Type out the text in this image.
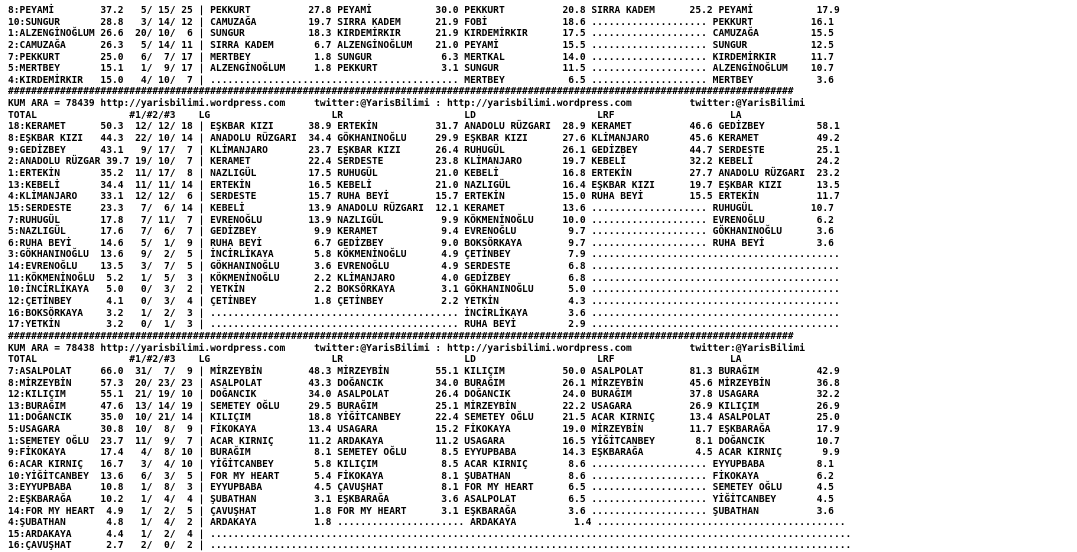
8:PEYAMİ        37.2   5/ 15/ 25 | PEKKURT          27.8 PEYAMİ           30.0 PEKKURT          20.8 SIRRA KADEM      25.2 PEYAMİ           17.9
10:SUNGUR       28.8   3/ 14/ 12 | CAMUZAĞA         19.7 SIRRA KADEM      21.9 FOBİ             18.6 .................... PEKKURT          16.1
1:ALZENGİNOĞLUM 26.6  20/ 10/  6 | SUNGUR           18.3 KIRDEMİRKIR      21.9 KIRDEMİRKIR      17.5 .................... CAMUZAĞA         15.5
2:CAMUZAĞA      26.3   5/ 14/ 11 | SIRRA KADEM       6.7 ALZENGİNOĞLUM    21.0 PEYAMİ           15.5 .................... SUNGUR           12.5
7:PEKKURT       25.0   6/  7/ 17 | MERTBEY           1.8 SUNGUR            6.3 MERTKAL          14.0 .................... KIRDEMİRKIR      11.7
5:MERTBEY       15.1   1/  9/ 17 | ALZENGİNOĞLUM     1.8 PEKKURT           3.1 SUNGUR           11.5 .................... ALZENGİNOĞLUM    10.7
4:KIRDEMİRKIR   15.0   4/ 10/  7 | ........................................... MERTBEY           6.5 .................... MERTBEY           3.6
########################################################################################################################################
KUM ARA = 78439 http://yarisbilimi.wordpress.com     twitter:@YarisBilimi : http://yarisbilimi.wordpress.com          twitter:@YarisBilimi
TOTAL                #1/#2/#3    LG                     LR                     LD                     LRF                    LA
18:KERAMET      50.3  12/ 12/ 18 | EŞKBAR KIZI      38.9 ERTEKİN          31.7 ANADOLU RÜZGARI  28.9 KERAMET          46.6 GEDİZBEY         58.1
8:EŞKBAR KIZI   44.3  22/ 10/ 14 | ANADOLU RÜZGARI  34.4 GÖKHANINOĞLU     29.9 EŞKBAR KIZI      27.6 KLİMANJARO       45.6 KERAMET          49.2
9:GEDİZBEY      43.1   9/ 17/  7 | KLİMANJARO       23.7 EŞKBAR KIZI      26.4 RUHUGÜL          26.1 GEDİZBEY         44.7 SERDESTE         25.1
2:ANADOLU RÜZGAR 39.7 19/ 10/  7 | KERAMET          22.4 SERDESTE         23.8 KLİMANJARO       19.7 KEBELİ           32.2 KEBELİ           24.2
1:ERTEKİN       35.2  11/ 17/  8 | NAZLIGÜL         17.5 RUHUGÜL          21.0 KEBELİ           16.8 ERTEKİN          27.7 ANADOLU RÜZGARI  23.2
13:KEBELİ       34.4  11/ 11/ 14 | ERTEKİN          16.5 KEBELİ           21.0 NAZLIGÜL         16.4 EŞKBAR KIZI      19.7 EŞKBAR KIZI      13.5
4:KLİMANJARO    33.1  12/ 12/  6 | SERDESTE         15.7 RUHA BEYİ        15.7 ERTEKİN          15.0 RUHA BEYİ        15.5 ERTEKİN          11.7
15:SERDESTE     23.3   7/  6/ 14 | KEBELİ           13.9 ANADOLU RÜZGARI  12.1 KERAMET          13.6 .................... RUHUGÜL          10.7
7:RUHUGÜL       17.8   7/ 11/  7 | EVRENOĞLU        13.9 NAZLIGÜL          9.9 KÖKMENİNOĞLU     10.0 .................... EVRENOĞLU         6.2
5:NAZLIGÜL      17.6   7/  6/  7 | GEDİZBEY          9.9 KERAMET           9.4 EVRENOĞLU         9.7 .................... GÖKHANINOĞLU      3.6
6:RUHA BEYİ     14.6   5/  1/  9 | RUHA BEYİ         6.7 GEDİZBEY          9.0 BOKSÖRKAYA        9.7 .................... RUHA BEYİ         3.6
3:GÖKHANINOĞLU  13.6   9/  2/  5 | İNCİRLİKAYA       5.8 KÖKMENİNOĞLU      4.9 ÇETİNBEY          7.9 ...........................................
14:EVRENOĞLU    13.5   3/  7/  5 | GÖKHANINOĞLU      3.6 EVRENOĞLU         4.9 SERDESTE          6.8 ...........................................
11:KÖKMENİNOĞLU  5.2   1/  5/  3 | KÖKMENİNOĞLU      2.2 KLİMANJARO        4.0 GEDİZBEY          6.8 ...........................................
10:İNCİRLİKAYA   5.0   0/  3/  2 | YETKİN            2.2 BOKSÖRKAYA        3.1 GÖKHANINOĞLU      5.0 ...........................................
12:ÇETİNBEY      4.1   0/  3/  4 | ÇETİNBEY          1.8 ÇETİNBEY          2.2 YETKİN            4.3 ...........................................
16:BOKSÖRKAYA    3.2   1/  2/  3 | ........................................... İNCİRLİKAYA       3.6 ...........................................
17:YETKİN        3.2   0/  1/  3 | ........................................... RUHA BEYİ         2.9 ...........................................
########################################################################################################################################
KUM ARA = 78438 http://yarisbilimi.wordpress.com     twitter:@YarisBilimi : http://yarisbilimi.wordpress.com          twitter:@YarisBilimi
TOTAL                #1/#2/#3    LG                     LR                     LD                     LRF                    LA
7:ASALPOLAT     66.0  31/  7/  9 | MİRZEYBİN        48.3 MİRZEYBİN        55.1 KILIÇIM          50.0 ASALPOLAT        81.3 BURAĞIM          42.9
8:MİRZEYBİN     57.3  20/ 23/ 23 | ASALPOLAT        43.3 DOĞANCIK         34.0 BURAĞIM          26.1 MİRZEYBİN        45.6 MİRZEYBİN        36.8
12:KILIÇIM      55.1  21/ 19/ 10 | DOĞANCIK         34.0 ASALPOLAT        26.4 DOĞANCIK         24.0 BURAĞIM          37.8 USAGARA          32.2
13:BURAĞIM      47.6  13/ 14/ 19 | SEMETEY OĞLU     29.5 BURAĞIM          25.1 MİRZEYBİN        22.2 USAGARA          26.9 KILIÇIM          26.9
11:DOĞANCIK     35.0  10/ 21/ 14 | KILIÇIM          18.8 YİĞİTCANBEY      22.4 SEMETEY OĞLU     21.5 ACAR KIRNIÇ      13.4 ASALPOLAT        25.0
5:USAGARA       30.8  10/  8/  9 | FİKOKAYA         13.4 USAGARA          15.2 FİKOKAYA         19.0 MİRZEYBİN        11.7 EŞKBARAĞA        17.9
1:SEMETEY OĞLU  23.7  11/  9/  7 | ACAR KIRNIÇ      11.2 ARDAKAYA         11.2 USAGARA          16.5 YİĞİTCANBEY       8.1 DOĞANCIK         10.7
9:FİKOKAYA      17.4   4/  8/ 10 | BURAĞIM           8.1 SEMETEY OĞLU      8.5 EYYUPBABA        14.3 EŞKBARAĞA         4.5 ACAR KIRNIÇ       9.9
6:ACAR KIRNIÇ   16.7   3/  4/ 10 | YİĞİTCANBEY       5.8 KILIÇIM           8.5 ACAR KIRNIÇ       8.6 .................... EYYUPBABA         8.1
10:YİĞİTCANBEY  13.6   6/  3/  5 | FOR MY HEART      5.4 FİKOKAYA          8.1 ŞUBATHAN          8.6 .................... FİKOKAYA          6.2
3:EYYUPBABA     10.8   1/  8/  3 | EYYUPBABA         4.5 ÇAVUŞHAT          8.1 FOR MY HEART      6.5 .................... SEMETEY OĞLU      4.5
2:EŞKBARAĞA     10.2   1/  4/  4 | ŞUBATHAN          3.1 EŞKBARAĞA         3.6 ASALPOLAT         6.5 .................... YİĞİTCANBEY       4.5
14:FOR MY HEART  4.9   1/  2/  5 | ÇAVUŞHAT          1.8 FOR MY HEART      3.1 EŞKBARAĞA         3.6 .................... ŞUBATHAN          3.6
4:ŞUBATHAN       4.8   1/  4/  2 | ARDAKAYA          1.8 ...................... ARDAKAYA          1.4 ...........................................
15:ARDAKAYA      4.4   1/  2/  4 | ...............................................................................................................
16:ÇAVUŞHAT      2.7   2/  0/  2 | ...............................................................................................................
